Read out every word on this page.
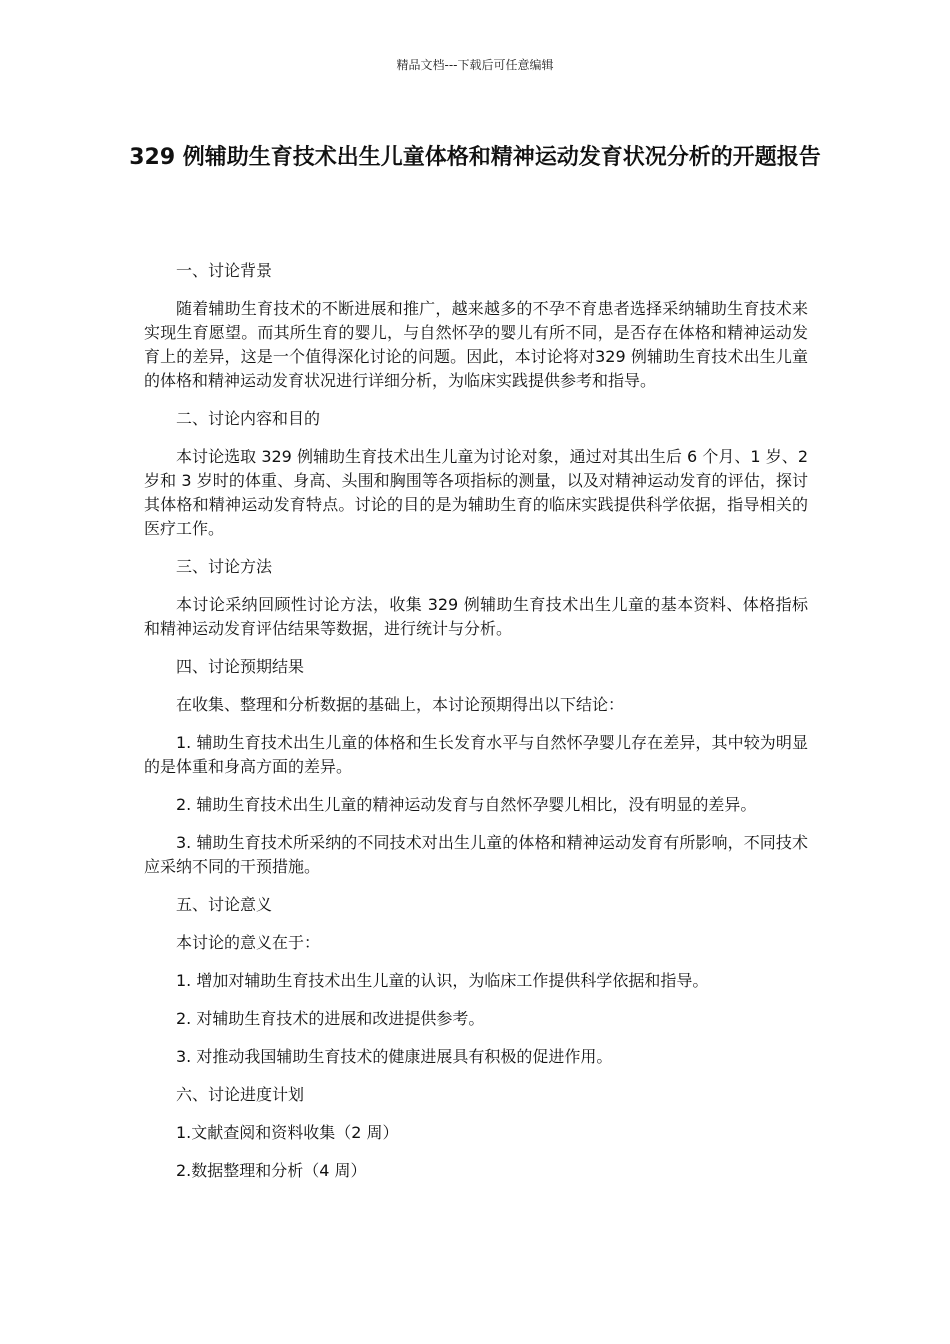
精品文档---下载后可任意编辑
329 例辅助生育技术出生儿童体格和精神运动发育状况分析的开题报告
一、讨论背景

随着辅助生育技术的不断进展和推广，越来越多的不孕不育患者选择采纳辅助生育技术来实现生育愿望。而其所生育的婴儿，与自然怀孕的婴儿有所不同，是否存在体格和精神运动发育上的差异，这是一个值得深化讨论的问题。因此，本讨论将对329 例辅助生育技术出生儿童的体格和精神运动发育状况进行详细分析，为临床实践提供参考和指导。

二、讨论内容和目的

本讨论选取 329 例辅助生育技术出生儿童为讨论对象，通过对其出生后 6 个月、1 岁、2 岁和 3 岁时的体重、身高、头围和胸围等各项指标的测量，以及对精神运动发育的评估，探讨其体格和精神运动发育特点。讨论的目的是为辅助生育的临床实践提供科学依据，指导相关的医疗工作。

三、讨论方法

本讨论采纳回顾性讨论方法，收集 329 例辅助生育技术出生儿童的基本资料、体格指标和精神运动发育评估结果等数据，进行统计与分析。

四、讨论预期结果

在收集、整理和分析数据的基础上，本讨论预期得出以下结论：

1. 辅助生育技术出生儿童的体格和生长发育水平与自然怀孕婴儿存在差异，其中较为明显的是体重和身高方面的差异。

2. 辅助生育技术出生儿童的精神运动发育与自然怀孕婴儿相比，没有明显的差异。

3. 辅助生育技术所采纳的不同技术对出生儿童的体格和精神运动发育有所影响，不同技术应采纳不同的干预措施。

五、讨论意义

本讨论的意义在于：

1. 增加对辅助生育技术出生儿童的认识，为临床工作提供科学依据和指导。

2. 对辅助生育技术的进展和改进提供参考。

3. 对推动我国辅助生育技术的健康进展具有积极的促进作用。

六、讨论进度计划

1.文献查阅和资料收集（2 周）

2.数据整理和分析（4 周）
